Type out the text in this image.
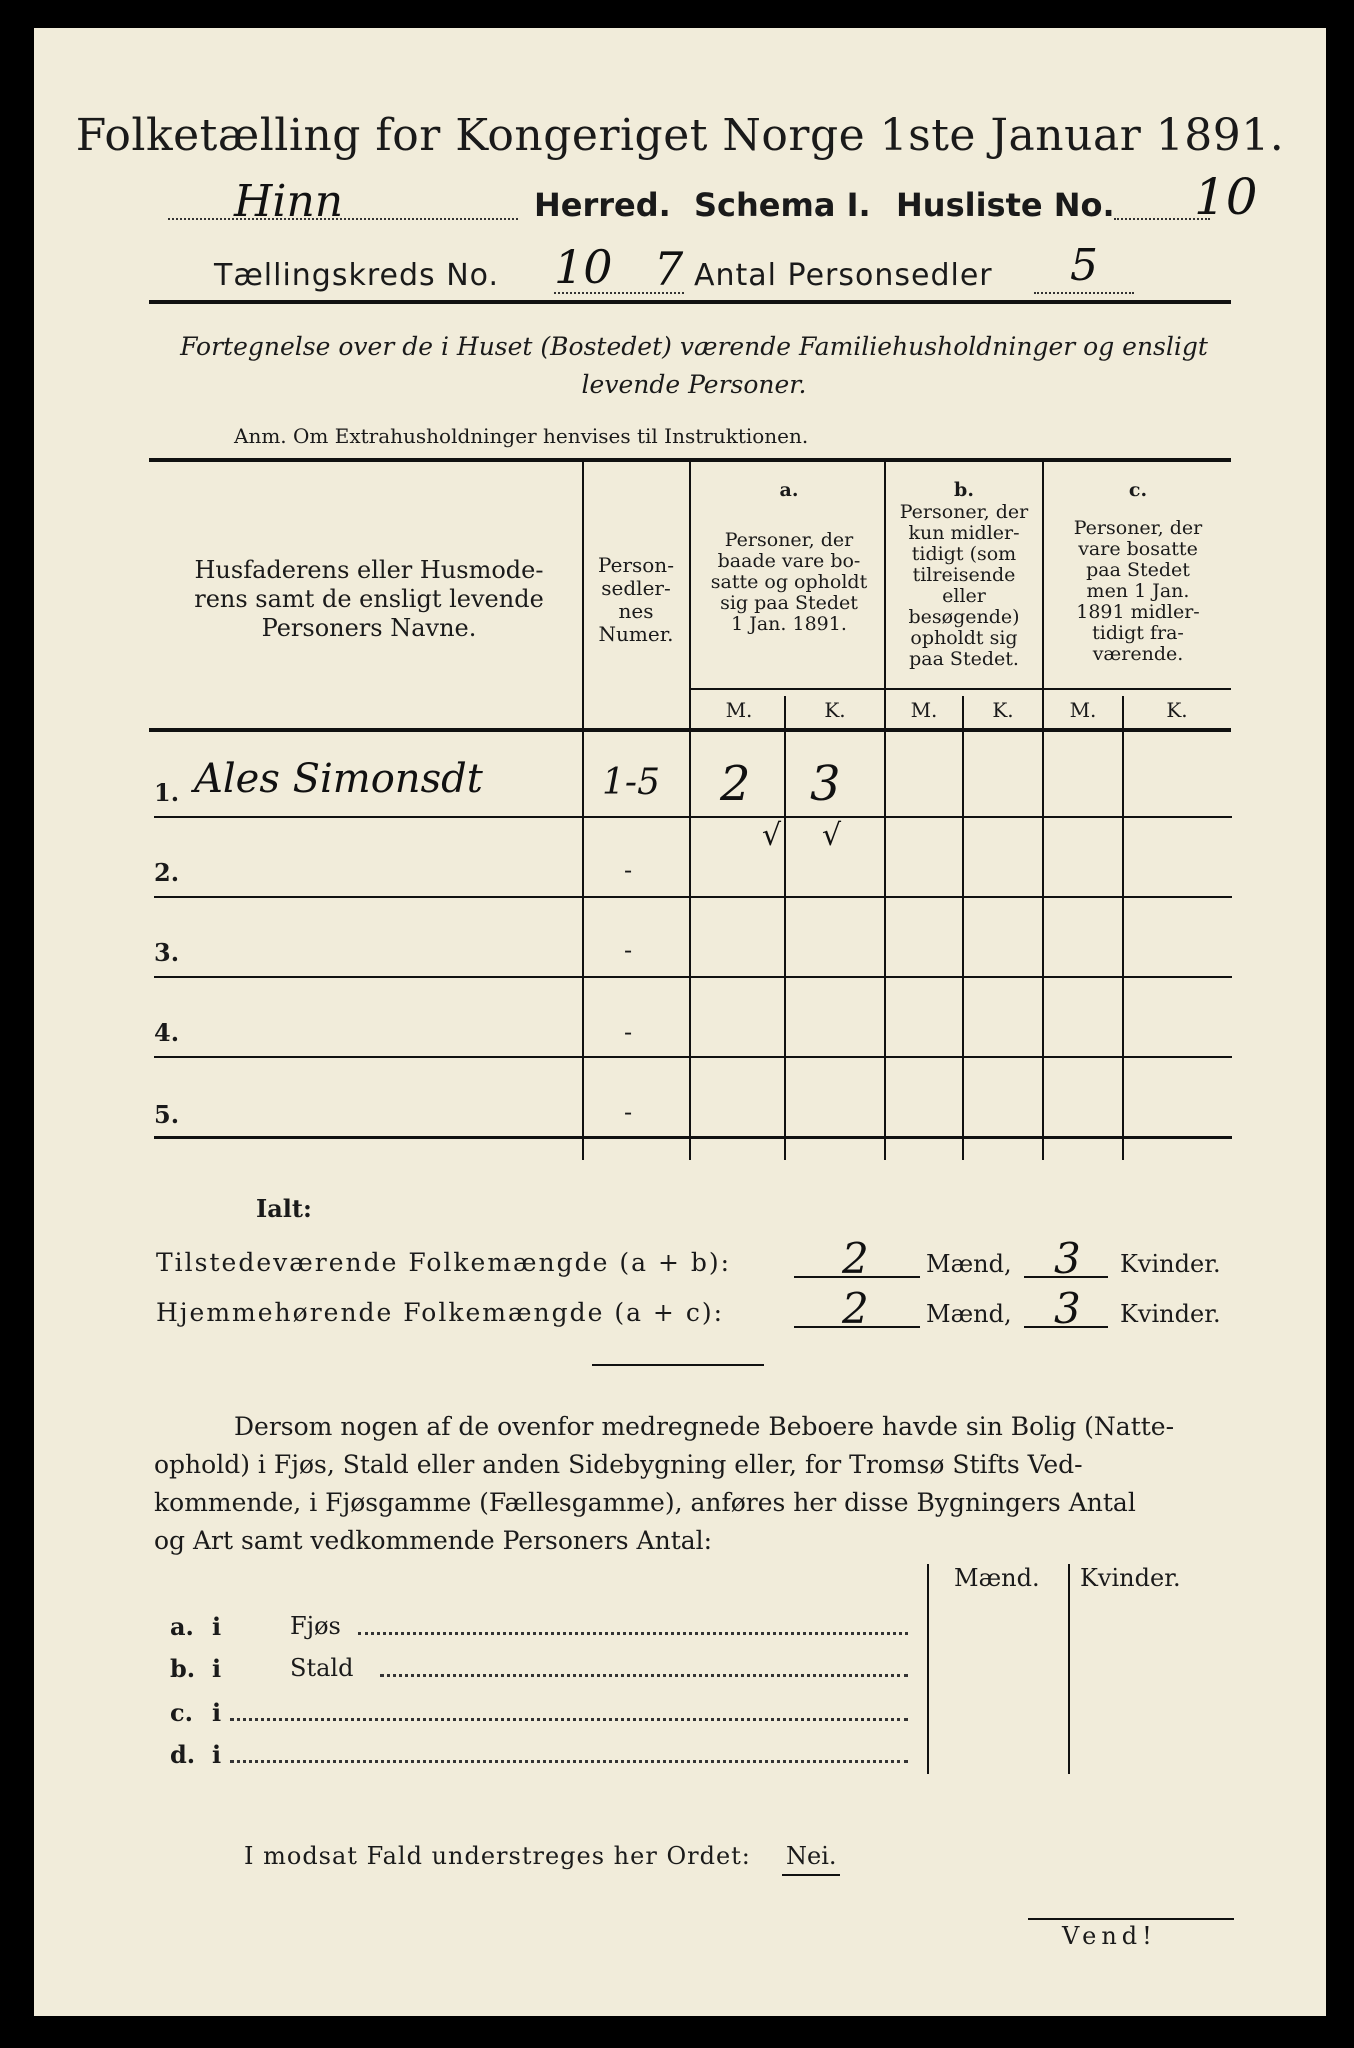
Folketælling for Kongeriget Norge 1ste Januar 1891.
Hinn	Herred. Schema I. Husliste No. 10
Tællingskreds No. 10 7 Antal Personsedler 5
Fortegnelse over de i Huset (Bostedet) værende Familiehusholdninger og ensligt
levende Personer.
Anm. Om Extrahusholdninger henvises til Instruktionen.
Husfaderens eller Husmode-
rens samt de ensligt levende
Personers Navne.
Person-
sedler-
nes
Numer.
a.
Personer, der
baade vare bo-
satte og opholdt
sig paa Stedet
1 Jan. 1891.
b.
Personer, der
kun midler-
tidigt (som
tilreisende
eller
besøgende)
opholdt sig
paa Stedet.
c.
Personer, der
vare bosatte
paa Stedet
men 1 Jan.
1891 midler-
tidigt fra-
værende.
M.	K.	M.	K.	M.	K.
1. Ales Simonsdt	1-5 2 3
√ √
2.	-
3.	-
4.	-
5.	-
Ialt:
Tilstedeværende Folkemængde (a + b):	2 Mænd, 3 Kvinder.
Hjemmehørende Folkemængde (a + c):	2 Mænd, 3 Kvinder.
Dersom nogen af de ovenfor medregnede Beboere havde sin Bolig (Natte-
ophold) i Fjøs, Stald eller anden Sidebygning eller, for Tromsø Stifts Ved-
kommende, i Fjøsgamme (Fællesgamme), anføres her disse Bygningers Antal
og Art samt vedkommende Personers Antal:
Mænd. Kvinder.
a. i	Fjøs
b. i	Stald
c. i
d. i
I modsat Fald understreges her Ordet: Nei.
Vend!
